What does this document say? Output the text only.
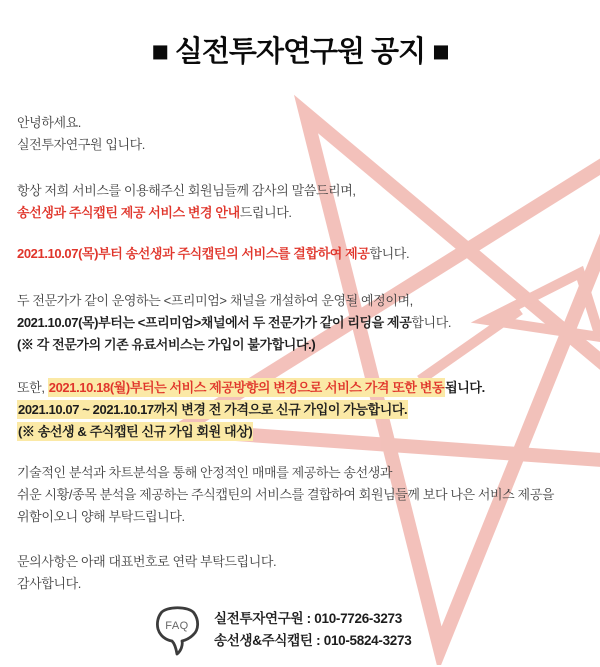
■ 실전투자연구원 공지 ■

안녕하세요.
실전투자연구원 입니다.

항상 저희 서비스를 이용해주신 회원님들께 감사의 말씀드리며,
송선생과 주식캡틴 제공 서비스 변경 안내드립니다.

2021.10.07(목)부터 송선생과 주식캡틴의 서비스를 결합하여 제공합니다.

두 전문가가 같이 운영하는 <프리미엄> 채널을 개설하여 운영될 예정이며,
2021.10.07(목)부터는 <프리미엄>채널에서 두 전문가가 같이 리딩을 제공합니다.
(※ 각 전문가의 기존 유료서비스는 가입이 불가합니다.)

또한, 2021.10.18(월)부터는 서비스 제공방향의 변경으로 서비스 가격 또한 변동됩니다.
2021.10.07 ~ 2021.10.17까지 변경 전 가격으로 신규 가입이 가능합니다.
(※ 송선생 & 주식캡틴 신규 가입 회원 대상)

기술적인 분석과 차트분석을 통해 안정적인 매매를 제공하는 송선생과
쉬운 시황/종목 분석을 제공하는 주식캡틴의 서비스를 결합하여 회원님들께 보다 나은 서비스 제공을
위함이오니 양해 부탁드립니다.

문의사항은 아래 대표번호로 연락 부탁드립니다.
감사합니다.

FAQ 실전투자연구원 : 010-7726-3273
송선생&주식캡틴 : 010-5824-3273
